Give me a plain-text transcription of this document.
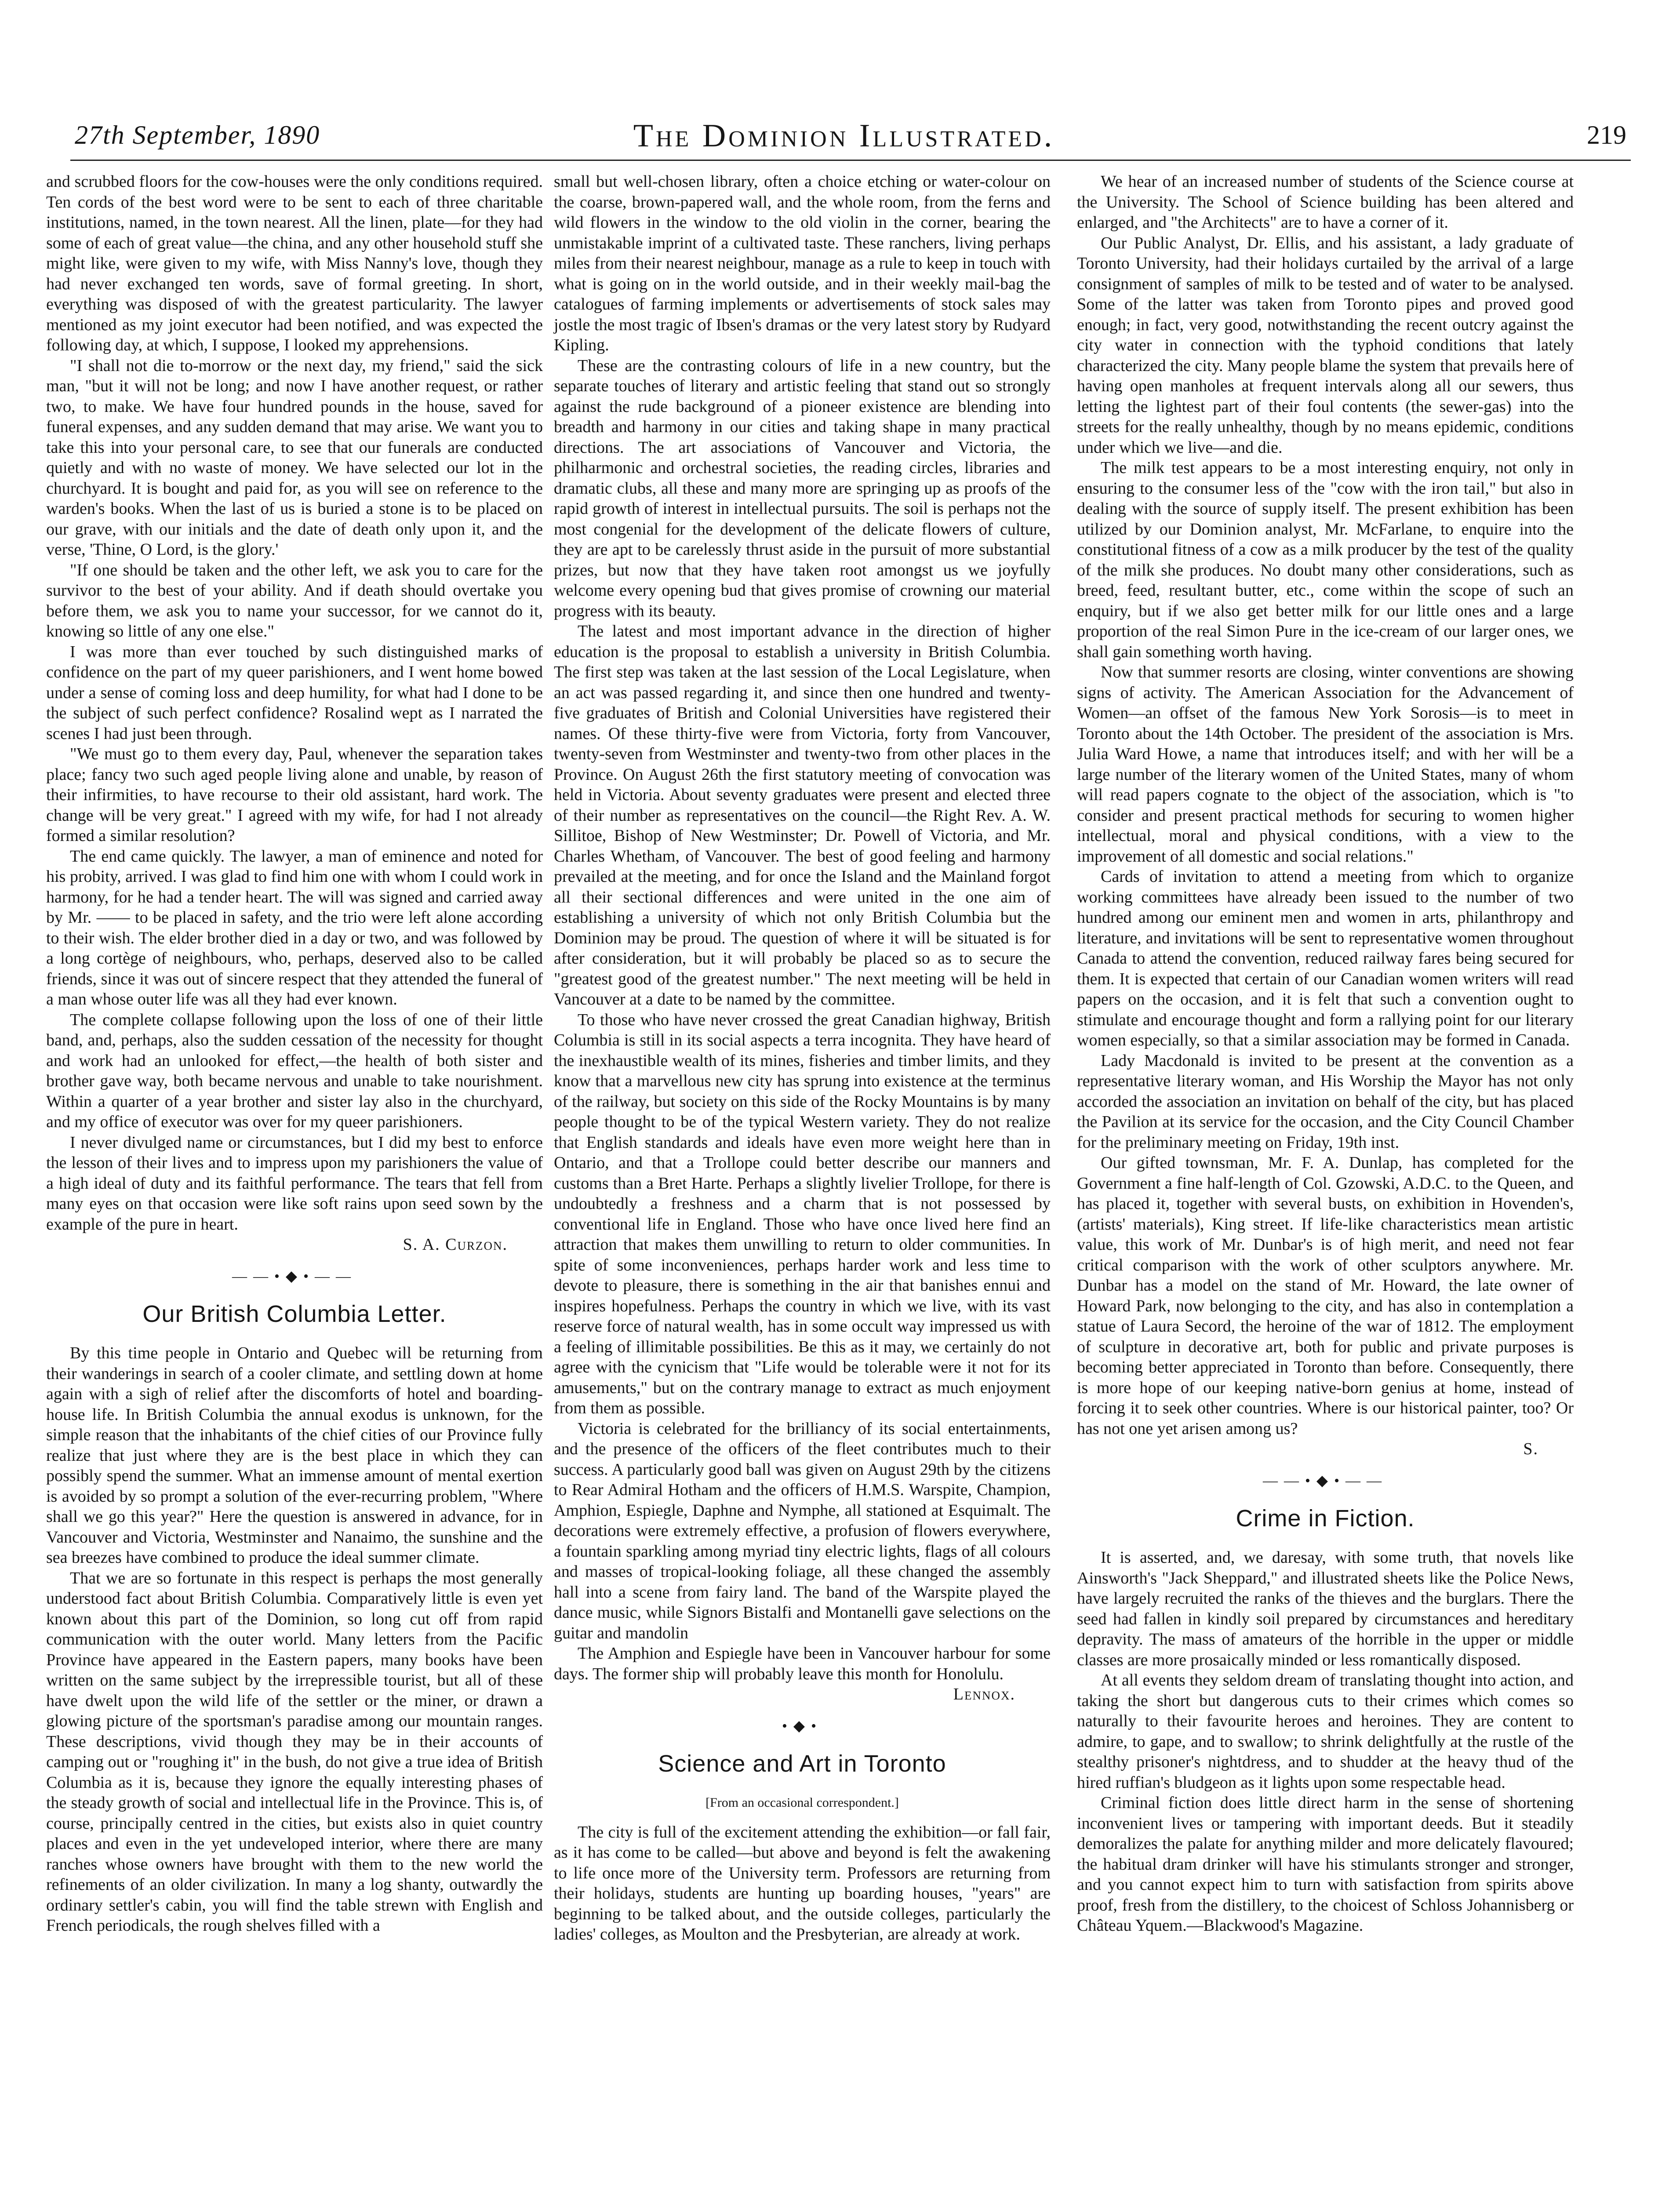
27th September, 1890	The Dominion Illustrated.	219

and scrubbed floors for the cow-houses were the only conditions required. Ten cords of the best word were to be sent to each of three charitable institutions, named, in the town nearest. All the linen, plate—for they had some of each of great value—the china, and any other household stuff she might like, were given to my wife, with Miss Nanny's love, though they had never exchanged ten words, save of formal greeting. In short, everything was disposed of with the greatest particularity. The lawyer mentioned as my joint executor had been notified, and was expected the following day, at which, I suppose, I looked my apprehensions.

"I shall not die to-morrow or the next day, my friend," said the sick man, "but it will not be long; and now I have another request, or rather two, to make. We have four hundred pounds in the house, saved for funeral expenses, and any sudden demand that may arise. We want you to take this into your personal care, to see that our funerals are conducted quietly and with no waste of money. We have selected our lot in the churchyard. It is bought and paid for, as you will see on reference to the warden's books. When the last of us is buried a stone is to be placed on our grave, with our initials and the date of death only upon it, and the verse, 'Thine, O Lord, is the glory.'

"If one should be taken and the other left, we ask you to care for the survivor to the best of your ability. And if death should overtake you before them, we ask you to name your successor, for we cannot do it, knowing so little of any one else."

I was more than ever touched by such distinguished marks of confidence on the part of my queer parishioners, and I went home bowed under a sense of coming loss and deep humility, for what had I done to be the subject of such perfect confidence? Rosalind wept as I narrated the scenes I had just been through.

"We must go to them every day, Paul, whenever the separation takes place; fancy two such aged people living alone and unable, by reason of their infirmities, to have recourse to their old assistant, hard work. The change will be very great." I agreed with my wife, for had I not already formed a similar resolution?

The end came quickly. The lawyer, a man of eminence and noted for his probity, arrived. I was glad to find him one with whom I could work in harmony, for he had a tender heart. The will was signed and carried away by Mr. —— to be placed in safety, and the trio were left alone according to their wish. The elder brother died in a day or two, and was followed by a long cortège of neighbours, who, perhaps, deserved also to be called friends, since it was out of sincere respect that they attended the funeral of a man whose outer life was all they had ever known.

The complete collapse following upon the loss of one of their little band, and, perhaps, also the sudden cessation of the necessity for thought and work had an unlooked for effect,—the health of both sister and brother gave way, both became nervous and unable to take nourishment. Within a quarter of a year brother and sister lay also in the churchyard, and my office of executor was over for my queer parishioners.

I never divulged name or circumstances, but I did my best to enforce the lesson of their lives and to impress upon my parishioners the value of a high ideal of duty and its faithful performance. The tears that fell from many eyes on that occasion were like soft rains upon seed sown by the example of the pure in heart.

S. A. Curzon.
——•◆•——
Our British Columbia Letter.

By this time people in Ontario and Quebec will be returning from their wanderings in search of a cooler climate, and settling down at home again with a sigh of relief after the discomforts of hotel and boarding-house life. In British Columbia the annual exodus is unknown, for the simple reason that the inhabitants of the chief cities of our Province fully realize that just where they are is the best place in which they can possibly spend the summer. What an immense amount of mental exertion is avoided by so prompt a solution of the ever-recurring problem, "Where shall we go this year?" Here the question is answered in advance, for in Vancouver and Victoria, Westminster and Nanaimo, the sunshine and the sea breezes have combined to produce the ideal summer climate.

That we are so fortunate in this respect is perhaps the most generally understood fact about British Columbia. Comparatively little is even yet known about this part of the Dominion, so long cut off from rapid communication with the outer world. Many letters from the Pacific Province have appeared in the Eastern papers, many books have been written on the same subject by the irrepressible tourist, but all of these have dwelt upon the wild life of the settler or the miner, or drawn a glowing picture of the sportsman's paradise among our mountain ranges. These descriptions, vivid though they may be in their accounts of camping out or "roughing it" in the bush, do not give a true idea of British Columbia as it is, because they ignore the equally interesting phases of the steady growth of social and intellectual life in the Province. This is, of course, principally centred in the cities, but exists also in quiet country places and even in the yet undeveloped interior, where there are many ranches whose owners have brought with them to the new world the refinements of an older civilization. In many a log shanty, outwardly the ordinary settler's cabin, you will find the table strewn with English and French periodicals, the rough shelves filled with a

small but well-chosen library, often a choice etching or water-colour on the coarse, brown-papered wall, and the whole room, from the ferns and wild flowers in the window to the old violin in the corner, bearing the unmistakable imprint of a cultivated taste. These ranchers, living perhaps miles from their nearest neighbour, manage as a rule to keep in touch with what is going on in the world outside, and in their weekly mail-bag the catalogues of farming implements or advertisements of stock sales may jostle the most tragic of Ibsen's dramas or the very latest story by Rudyard Kipling.

These are the contrasting colours of life in a new country, but the separate touches of literary and artistic feeling that stand out so strongly against the rude background of a pioneer existence are blending into breadth and harmony in our cities and taking shape in many practical directions. The art associations of Vancouver and Victoria, the philharmonic and orchestral societies, the reading circles, libraries and dramatic clubs, all these and many more are springing up as proofs of the rapid growth of interest in intellectual pursuits. The soil is perhaps not the most congenial for the development of the delicate flowers of culture, they are apt to be carelessly thrust aside in the pursuit of more substantial prizes, but now that they have taken root amongst us we joyfully welcome every opening bud that gives promise of crowning our material progress with its beauty.

The latest and most important advance in the direction of higher education is the proposal to establish a university in British Columbia. The first step was taken at the last session of the Local Legislature, when an act was passed regarding it, and since then one hundred and twenty-five graduates of British and Colonial Universities have registered their names. Of these thirty-five were from Victoria, forty from Vancouver, twenty-seven from Westminster and twenty-two from other places in the Province. On August 26th the first statutory meeting of convocation was held in Victoria. About seventy graduates were present and elected three of their number as representatives on the council—the Right Rev. A. W. Sillitoe, Bishop of New Westminster; Dr. Powell of Victoria, and Mr. Charles Whetham, of Vancouver. The best of good feeling and harmony prevailed at the meeting, and for once the Island and the Mainland forgot all their sectional differences and were united in the one aim of establishing a university of which not only British Columbia but the Dominion may be proud. The question of where it will be situated is for after consideration, but it will probably be placed so as to secure the "greatest good of the greatest number." The next meeting will be held in Vancouver at a date to be named by the committee.

To those who have never crossed the great Canadian highway, British Columbia is still in its social aspects a terra incognita. They have heard of the inexhaustible wealth of its mines, fisheries and timber limits, and they know that a marvellous new city has sprung into existence at the terminus of the railway, but society on this side of the Rocky Mountains is by many people thought to be of the typical Western variety. They do not realize that English standards and ideals have even more weight here than in Ontario, and that a Trollope could better describe our manners and customs than a Bret Harte. Perhaps a slightly livelier Trollope, for there is undoubtedly a freshness and a charm that is not possessed by conventional life in England. Those who have once lived here find an attraction that makes them unwilling to return to older communities. In spite of some inconveniences, perhaps harder work and less time to devote to pleasure, there is something in the air that banishes ennui and inspires hopefulness. Perhaps the country in which we live, with its vast reserve force of natural wealth, has in some occult way impressed us with a feeling of illimitable possibilities. Be this as it may, we certainly do not agree with the cynicism that "Life would be tolerable were it not for its amusements," but on the contrary manage to extract as much enjoyment from them as possible.

Victoria is celebrated for the brilliancy of its social entertainments, and the presence of the officers of the fleet contributes much to their success. A particularly good ball was given on August 29th by the citizens to Rear Admiral Hotham and the officers of H.M.S. Warspite, Champion, Amphion, Espiegle, Daphne and Nymphe, all stationed at Esquimalt. The decorations were extremely effective, a profusion of flowers everywhere, a fountain sparkling among myriad tiny electric lights, flags of all colours and masses of tropical-looking foliage, all these changed the assembly hall into a scene from fairy land. The band of the Warspite played the dance music, while Signors Bistalfi and Montanelli gave selections on the guitar and mandolin

The Amphion and Espiegle have been in Vancouver harbour for some days. The former ship will probably leave this month for Honolulu.

Lennox.
•◆•
Science and Art in Toronto
[From an occasional correspondent.]

The city is full of the excitement attending the exhibition—or fall fair, as it has come to be called—but above and beyond is felt the awakening to life once more of the University term. Professors are returning from their holidays, students are hunting up boarding houses, "years" are beginning to be talked about, and the outside colleges, particularly the ladies' colleges, as Moulton and the Presbyterian, are already at work.

We hear of an increased number of students of the Science course at the University. The School of Science building has been altered and enlarged, and "the Architects" are to have a corner of it.

Our Public Analyst, Dr. Ellis, and his assistant, a lady graduate of Toronto University, had their holidays curtailed by the arrival of a large consignment of samples of milk to be tested and of water to be analysed. Some of the latter was taken from Toronto pipes and proved good enough; in fact, very good, notwithstanding the recent outcry against the city water in connection with the typhoid conditions that lately characterized the city. Many people blame the system that prevails here of having open manholes at frequent intervals along all our sewers, thus letting the lightest part of their foul contents (the sewer-gas) into the streets for the really unhealthy, though by no means epidemic, conditions under which we live—and die.

The milk test appears to be a most interesting enquiry, not only in ensuring to the consumer less of the "cow with the iron tail," but also in dealing with the source of supply itself. The present exhibition has been utilized by our Dominion analyst, Mr. McFarlane, to enquire into the constitutional fitness of a cow as a milk producer by the test of the quality of the milk she produces. No doubt many other considerations, such as breed, feed, resultant butter, etc., come within the scope of such an enquiry, but if we also get better milk for our little ones and a large proportion of the real Simon Pure in the ice-cream of our larger ones, we shall gain something worth having.

Now that summer resorts are closing, winter conventions are showing signs of activity. The American Association for the Advancement of Women—an offset of the famous New York Sorosis—is to meet in Toronto about the 14th October. The president of the association is Mrs. Julia Ward Howe, a name that introduces itself; and with her will be a large number of the literary women of the United States, many of whom will read papers cognate to the object of the association, which is "to consider and present practical methods for securing to women higher intellectual, moral and physical conditions, with a view to the improvement of all domestic and social relations."

Cards of invitation to attend a meeting from which to organize working committees have already been issued to the number of two hundred among our eminent men and women in arts, philanthropy and literature, and invitations will be sent to representative women throughout Canada to attend the convention, reduced railway fares being secured for them. It is expected that certain of our Canadian women writers will read papers on the occasion, and it is felt that such a convention ought to stimulate and encourage thought and form a rallying point for our literary women especially, so that a similar association may be formed in Canada.

Lady Macdonald is invited to be present at the convention as a representative literary woman, and His Worship the Mayor has not only accorded the association an invitation on behalf of the city, but has placed the Pavilion at its service for the occasion, and the City Council Chamber for the preliminary meeting on Friday, 19th inst.

Our gifted townsman, Mr. F. A. Dunlap, has completed for the Government a fine half-length of Col. Gzowski, A.D.C. to the Queen, and has placed it, together with several busts, on exhibition in Hovenden's, (artists' materials), King street. If life-like characteristics mean artistic value, this work of Mr. Dunbar's is of high merit, and need not fear critical comparison with the work of other sculptors anywhere. Mr. Dunbar has a model on the stand of Mr. Howard, the late owner of Howard Park, now belonging to the city, and has also in contemplation a statue of Laura Secord, the heroine of the war of 1812. The employment of sculpture in decorative art, both for public and private purposes is becoming better appreciated in Toronto than before. Consequently, there is more hope of our keeping native-born genius at home, instead of forcing it to seek other countries. Where is our historical painter, too? Or has not one yet arisen among us?

S.
——•◆•——
Crime in Fiction.

It is asserted, and, we daresay, with some truth, that novels like Ainsworth's "Jack Sheppard," and illustrated sheets like the Police News, have largely recruited the ranks of the thieves and the burglars. There the seed had fallen in kindly soil prepared by circumstances and hereditary depravity. The mass of amateurs of the horrible in the upper or middle classes are more prosaically minded or less romantically disposed.

At all events they seldom dream of translating thought into action, and taking the short but dangerous cuts to their crimes which comes so naturally to their favourite heroes and heroines. They are content to admire, to gape, and to swallow; to shrink delightfully at the rustle of the stealthy prisoner's nightdress, and to shudder at the heavy thud of the hired ruffian's bludgeon as it lights upon some respectable head.

Criminal fiction does little direct harm in the sense of shortening inconvenient lives or tampering with important deeds. But it steadily demoralizes the palate for anything milder and more delicately flavoured; the habitual dram drinker will have his stimulants stronger and stronger, and you cannot expect him to turn with satisfaction from spirits above proof, fresh from the distillery, to the choicest of Schloss Johannisberg or Château Yquem.—Blackwood's Magazine.
